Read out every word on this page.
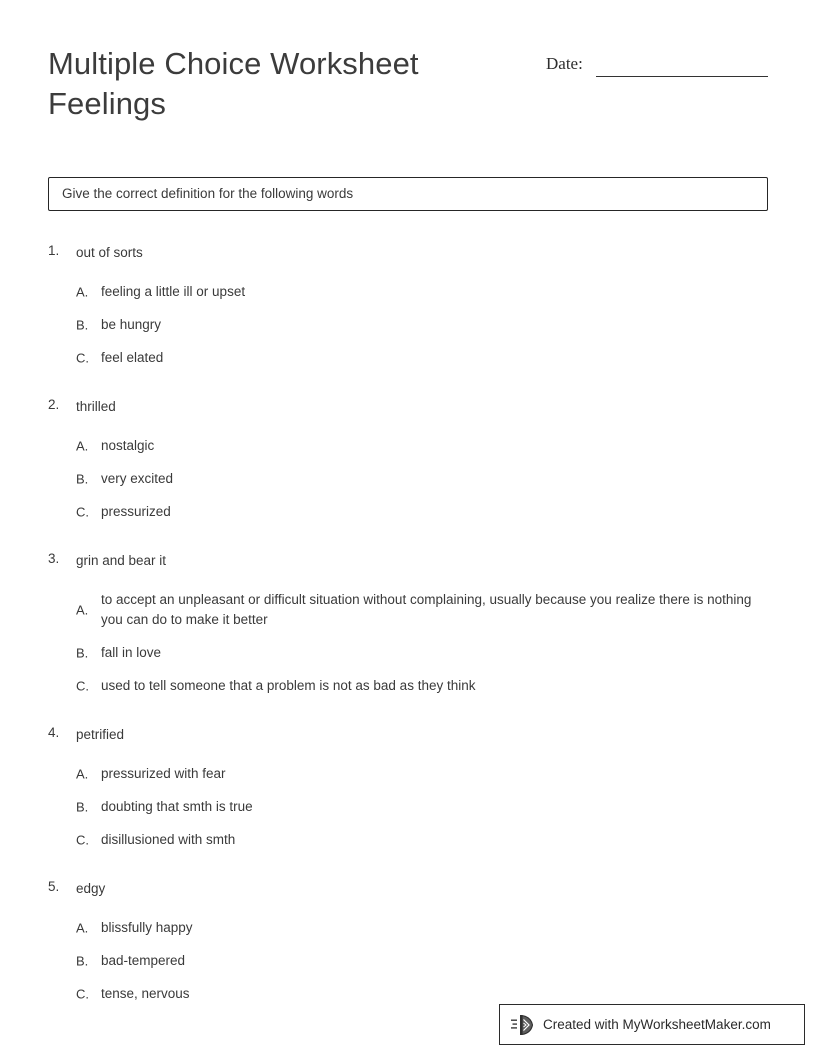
Multiple Choice Worksheet
Feelings
Date:
Give the correct definition for the following words
1.	out of sorts
A. feeling a little ill or upset
B. be hungry
C. feel elated
2.	thrilled
A. nostalgic
B. very excited
C. pressurized
3.	grin and bear it
A.
to accept an unpleasant or difficult situation without complaining, usually because you realize there is nothing you can do to make it better
B. fall in love
C. used to tell someone that a problem is not as bad as they think
4.	petrified
A. pressurized with fear
B. doubting that smth is true
C. disillusioned with smth
5.	edgy
A. blissfully happy
B. bad-tempered
C. tense, nervous
Created with MyWorksheetMaker.com
